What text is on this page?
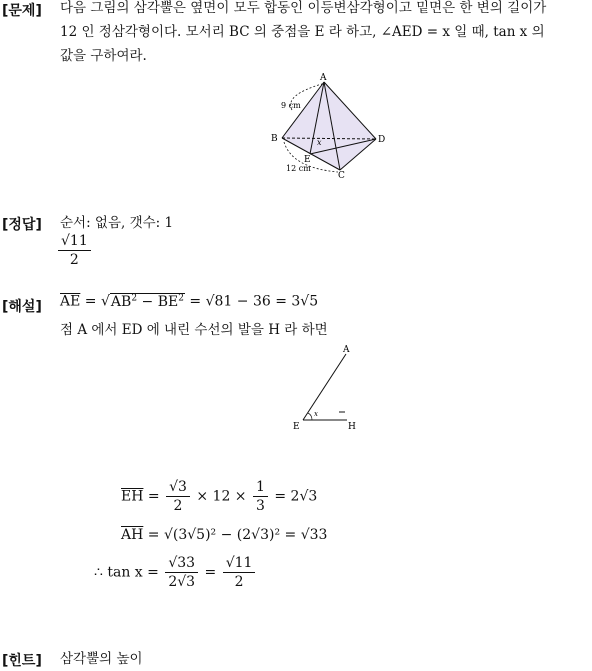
[문제] 다음 그림의 삼각뿔은 옆면이 모두 합동인 이등변삼각형이고 밑면은 한 변의 길이가
12 인 정삼각형이다. 모서리 BC 의 중점을 E 라 하고, ∠AED = x 일 때, tan x 의
값을 구하여라.
A
B
C
D
E
x
9 cm
12 cm
[정답] 순서: 없음, 갯수: 1
$\frac{√11}{2}$
[해설] $\overline{AE} = √AB^2 - \overline{BE}^2 = √81 - 36 = 3√5$
점 A 에서 ED 에 내린 수선의 발을 H 라 하면
A
E	H
x
$\overline{EH} = \frac{√3}{2} \times 12 \times \frac{1}{3} = 2√3$
$\overline{AH} = √(3√5)^2 - (2√3)^2 = √33$
∴ $\tan x = \frac{√33}{2√3} = \frac{√11}{2}$
[힌트] 삼각뿔의 높이
